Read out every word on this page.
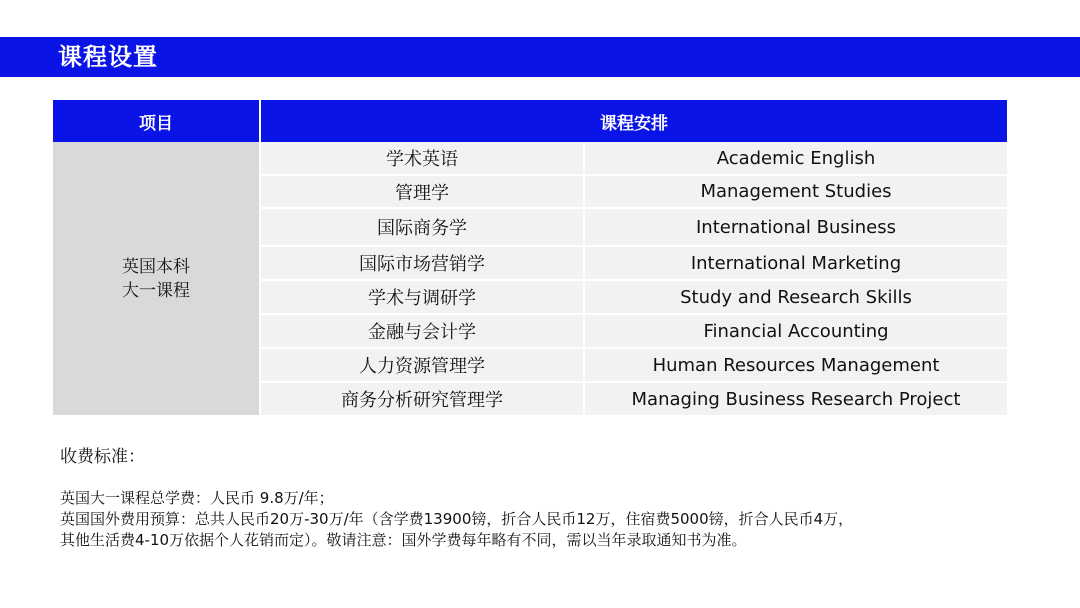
课程设置
项目	课程安排	

英国本科
大一课程	学术英语	Academic English
	管理学	Management Studies
	国际商务学	International Business
	国际市场营销学	International Marketing
	学术与调研学	Study and Research Skills
	金融与会计学	Financial Accounting
	人力资源管理学	Human Resources Management
	商务分析研究管理学	Managing Business Research Project
收费标准：
英国大一课程总学费：人民币 9.8万/年；
英国国外费用预算：总共人民币20万-30万/年（含学费13900镑，折合人民币12万，住宿费5000镑，折合人民币4万，
其他生活费4-10万依据个人花销而定）。敬请注意：国外学费每年略有不同，需以当年录取通知书为准。
